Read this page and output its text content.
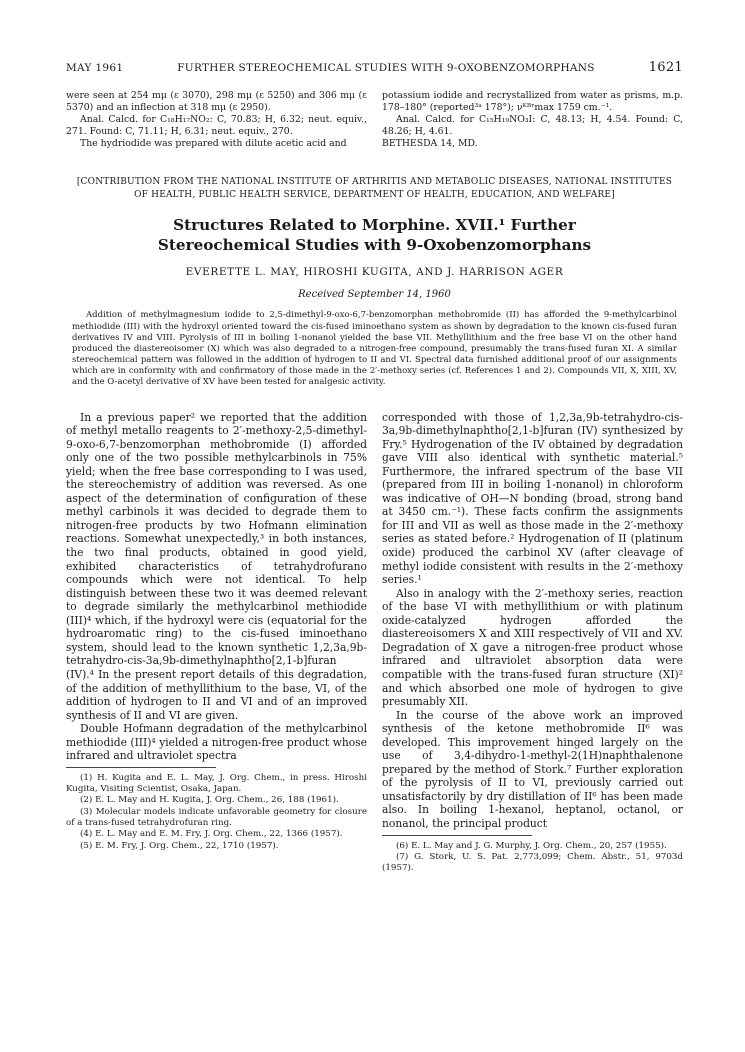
MAY 1961	FURTHER STEREOCHEMICAL STUDIES WITH 9-OXOBENZOMORPHANS	1621

were seen at 254 mμ (ε 3070), 298 mμ (ε 5250) and 306 mμ (ε 5370) and an inflection at 318 mμ (ε 2950).

Anal. Calcd. for C₁₈H₁₇NO₂: C, 70.83; H, 6.32; neut. equiv., 271. Found: C, 71.11; H, 6.31; neut. equiv., 270.

The hydriodide was prepared with dilute acetic acid and

potassium iodide and recrystallized from water as prisms, m.p. 178–180° (reported³ᵃ 178°); νᴷᴮʳmax 1759 cm.⁻¹.

Anal. Calcd. for C₁₅H₁₉NO₃I: C, 48.13; H, 4.54. Found: C, 48.26; H, 4.61.

BETHESDA 14, MD.

[CONTRIBUTION FROM THE NATIONAL INSTITUTE OF ARTHRITIS AND METABOLIC DISEASES, NATIONAL INSTITUTES OF HEALTH, PUBLIC HEALTH SERVICE, DEPARTMENT OF HEALTH, EDUCATION, AND WELFARE]
Structures Related to Morphine. XVII.¹ Further
Stereochemical Studies with 9-Oxobenzomorphans
EVERETTE L. MAY, HIROSHI KUGITA, AND J. HARRISON AGER
Received September 14, 1960
Addition of methylmagnesium iodide to 2,5-dimethyl-9-oxo-6,7-benzomorphan methobromide (II) has afforded the 9-methylcarbinol methiodide (III) with the hydroxyl oriented toward the cis-fused iminoethano system as shown by degradation to the known cis-fused furan derivatives IV and VIII. Pyrolysis of III in boiling 1-nonanol yielded the base VII. Methyllithium and the free base VI on the other hand produced the diastereoisomer (X) which was also degraded to a nitrogen-free compound, presumably the trans-fused furan XI. A similar stereochemical pattern was followed in the addition of hydrogen to II and VI. Spectral data furnished additional proof of our assignments which are in conformity with and confirmatory of those made in the 2′-methoxy series (cf. References 1 and 2). Compounds VII, X, XIII, XV, and the O-acetyl derivative of XV have been tested for analgesic activity.

In a previous paper² we reported that the addition of methyl metallo reagents to 2′-methoxy-2,5-dimethyl-9-oxo-6,7-benzomorphan methobromide (I) afforded only one of the two possible methylcarbinols in 75% yield; when the free base corresponding to I was used, the stereochemistry of addition was reversed. As one aspect of the determination of configuration of these methyl carbinols it was decided to degrade them to nitrogen-free products by two Hofmann elimination reactions. Somewhat unexpectedly,³ in both instances, the two final products, obtained in good yield, exhibited characteristics of tetrahydrofurano compounds which were not identical. To help distinguish between these two it was deemed relevant to degrade similarly the methylcarbinol methiodide (III)⁴ which, if the hydroxyl were cis (equatorial for the hydroaromatic ring) to the cis-fused iminoethano system, should lead to the known synthetic 1,2,3a,9b-tetrahydro-cis-3a,9b-dimethylnaphtho[2,1-b]furan (IV).⁴ In the present report details of this degradation, of the addition of methyllithium to the base, VI, of the addition of hydrogen to II and VI and of an improved synthesis of II and VI are given.

Double Hofmann degradation of the methylcarbinol methiodide (III)⁴ yielded a nitrogen-free product whose infrared and ultraviolet spectra

(1) H. Kugita and E. L. May, J. Org. Chem., in press. Hiroshi Kugita, Visiting Scientist, Osaka, Japan.

(2) E. L. May and H. Kugita, J. Org. Chem., 26, 188 (1961).

(3) Molecular models indicate unfavorable geometry for closure of a trans-fused tetrahydrofuran ring.

(4) E. L. May and E. M. Fry, J. Org. Chem., 22, 1366 (1957).

(5) E. M. Fry, J. Org. Chem., 22, 1710 (1957).

corresponded with those of 1,2,3a,9b-tetrahydro-cis-3a,9b-dimethylnaphtho[2,1-b]furan (IV) synthesized by Fry.⁵ Hydrogenation of the IV obtained by degradation gave VIII also identical with synthetic material.⁵ Furthermore, the infrared spectrum of the base VII (prepared from III in boiling 1-nonanol) in chloroform was indicative of OH—N bonding (broad, strong band at 3450 cm.⁻¹). These facts confirm the assignments for III and VII as well as those made in the 2′-methoxy series as stated before.² Hydrogenation of II (platinum oxide) produced the carbinol XV (after cleavage of methyl iodide consistent with results in the 2′-methoxy series.¹

Also in analogy with the 2′-methoxy series, reaction of the base VI with methyllithium or with platinum oxide-catalyzed hydrogen afforded the diastereoisomers X and XIII respectively of VII and XV. Degradation of X gave a nitrogen-free product whose infrared and ultraviolet absorption data were compatible with the trans-fused furan structure (XI)² and which absorbed one mole of hydrogen to give presumably XII.

In the course of the above work an improved synthesis of the ketone methobromide II⁶ was developed. This improvement hinged largely on the use of 3,4-dihydro-1-methyl-2(1H)naphthalenone prepared by the method of Stork.⁷ Further exploration of the pyrolysis of II to VI, previously carried out unsatisfactorily by dry distillation of II⁶ has been made also. In boiling 1-hexanol, heptanol, octanol, or nonanol, the principal product

(6) E. L. May and J. G. Murphy, J. Org. Chem., 20, 257 (1955).

(7) G. Stork, U. S. Pat. 2,773,099; Chem. Abstr., 51, 9703d (1957).
